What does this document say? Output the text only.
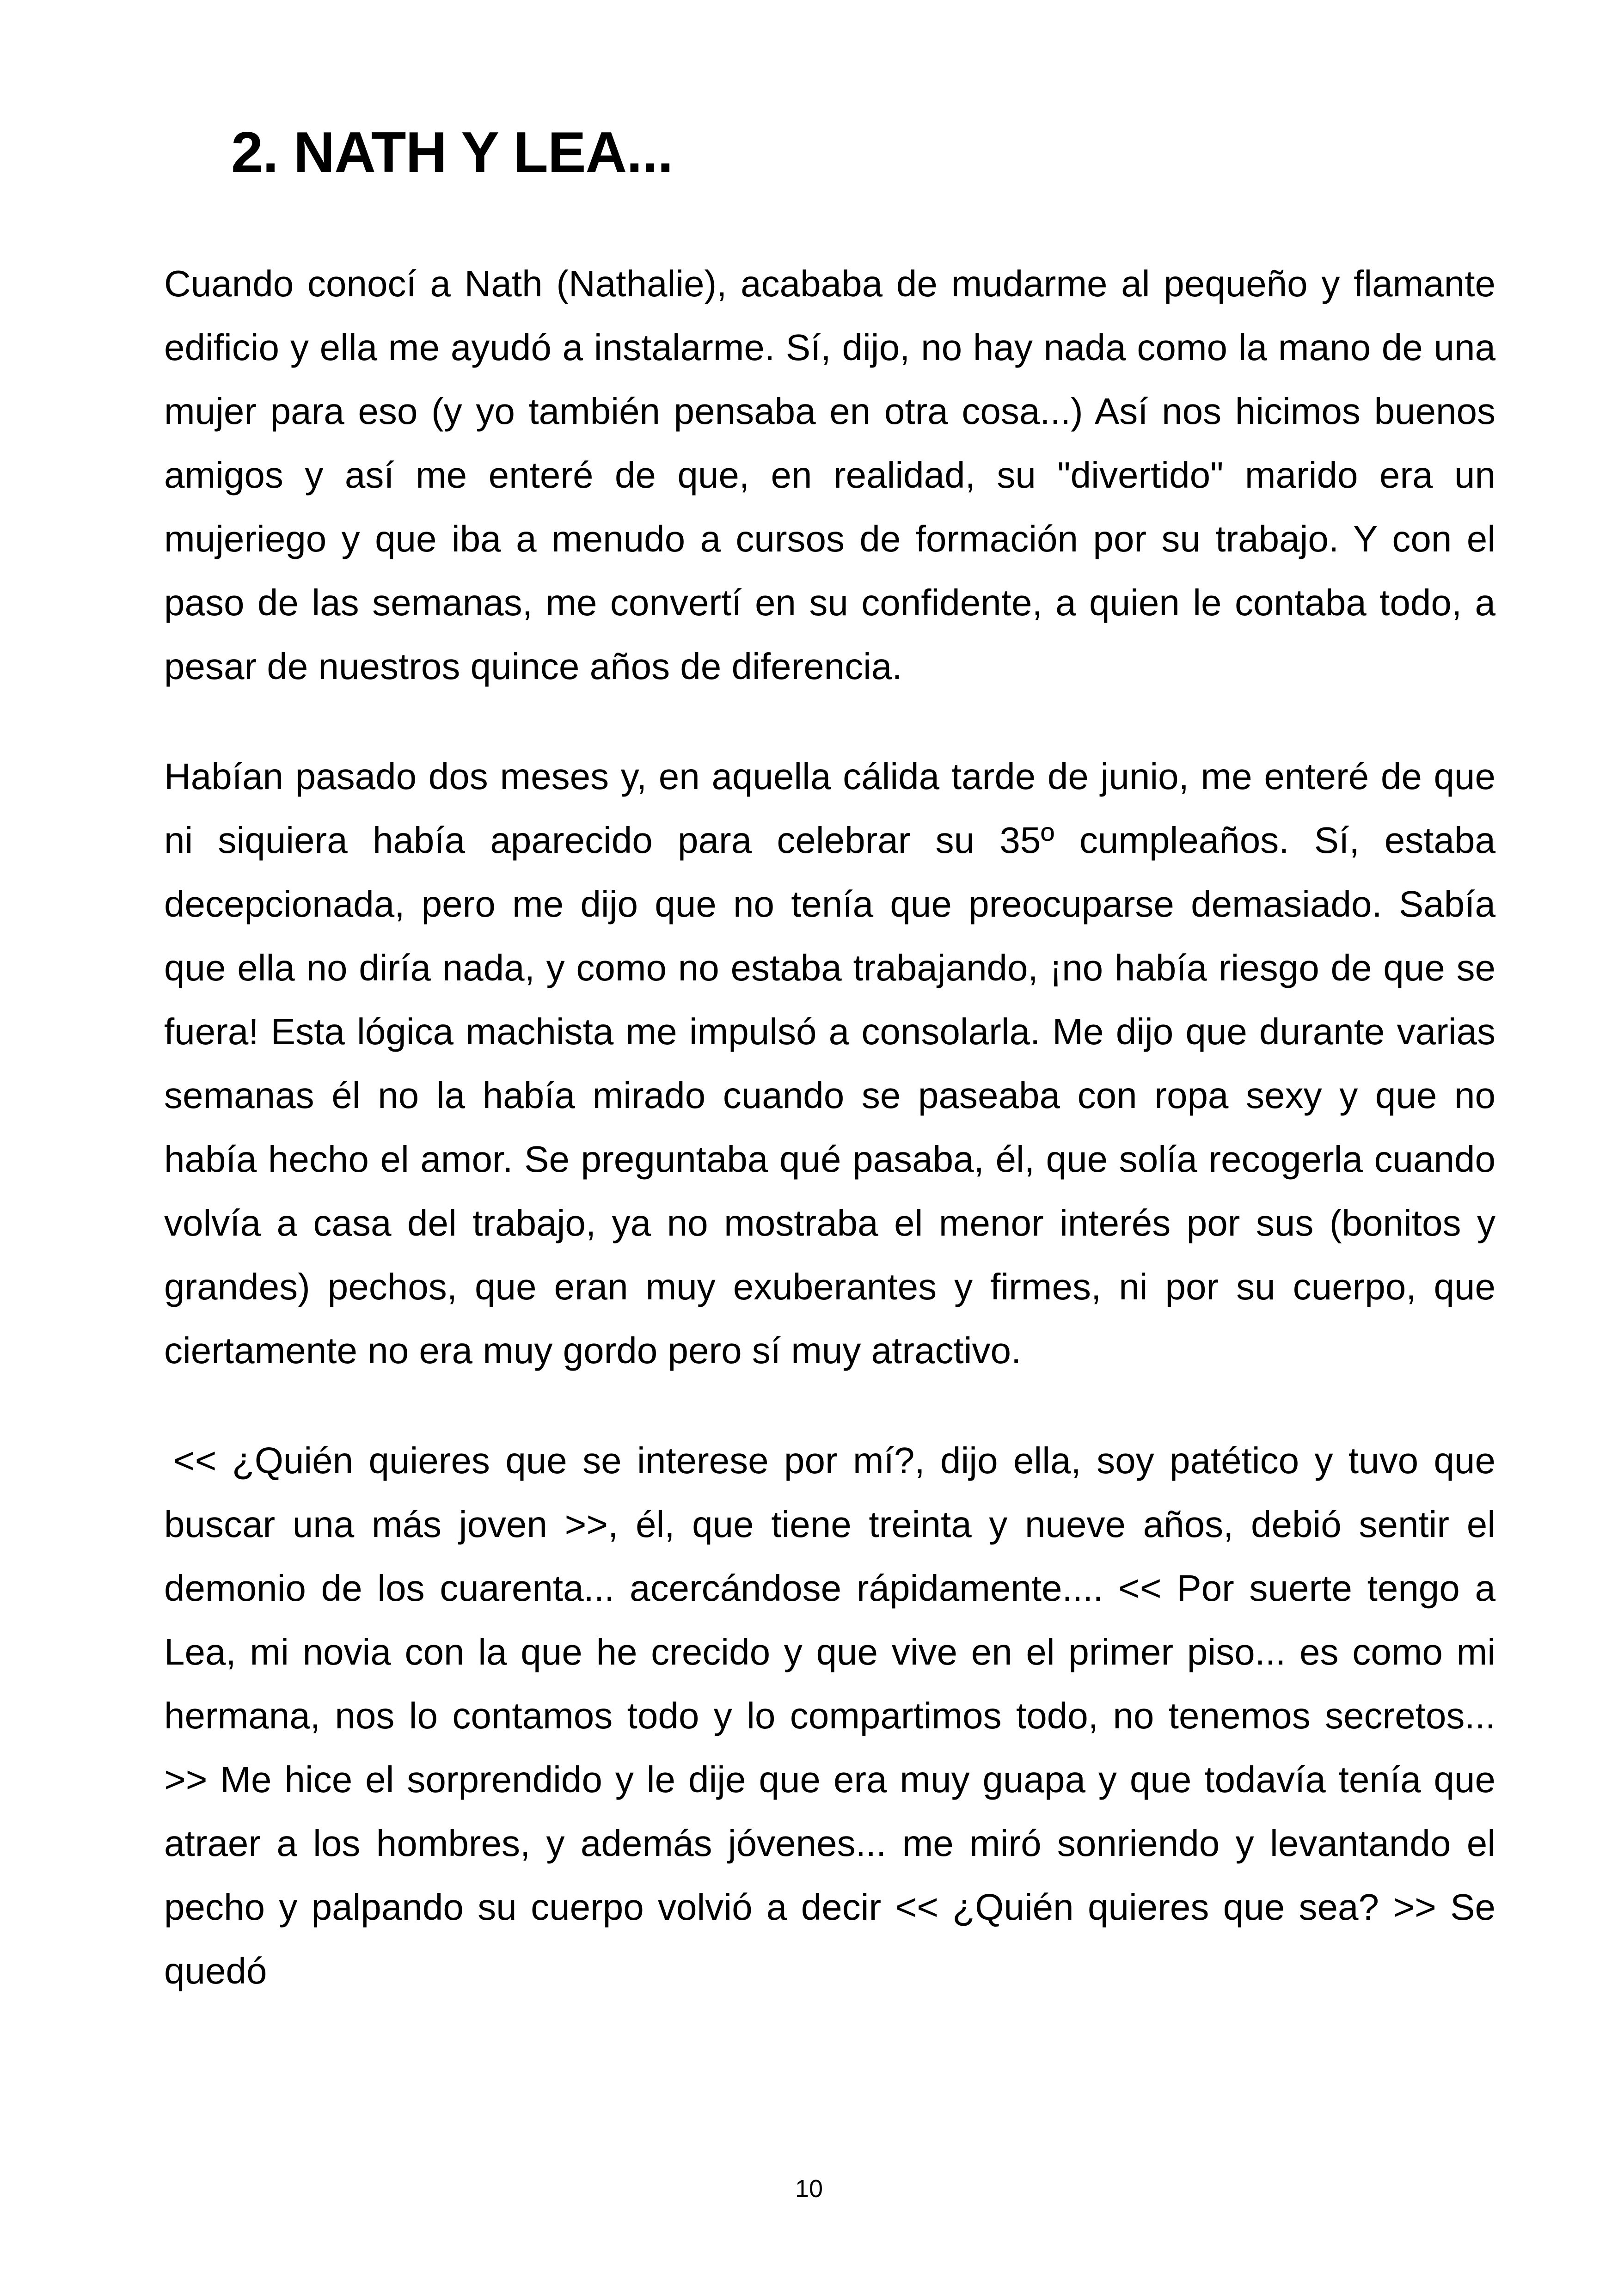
2. NATH Y LEA...

Cuando conocí a Nath (Nathalie), acababa de mudarme al pequeño y flamante edificio y ella me ayudó a instalarme. Sí, dijo, no hay nada como la mano de una mujer para eso (y yo también pensaba en otra cosa...) Así nos hicimos buenos amigos y así me enteré de que, en realidad, su "divertido" marido era un mujeriego y que iba a menudo a cursos de formación por su trabajo. Y con el paso de las semanas, me convertí en su confidente, a quien le contaba todo, a pesar de nuestros quince años de diferencia.

Habían pasado dos meses y, en aquella cálida tarde de junio, me enteré de que ni siquiera había aparecido para celebrar su 35º cumpleaños. Sí, estaba decepcionada, pero me dijo que no tenía que preocuparse demasiado. Sabía que ella no diría nada, y como no estaba trabajando, ¡no había riesgo de que se fuera! Esta lógica machista me impulsó a consolarla. Me dijo que durante varias semanas él no la había mirado cuando se paseaba con ropa sexy y que no había hecho el amor. Se preguntaba qué pasaba, él, que solía recogerla cuando volvía a casa del trabajo, ya no mostraba el menor interés por sus (bonitos y grandes) pechos, que eran muy exuberantes y firmes, ni por su cuerpo, que ciertamente no era muy gordo pero sí muy atractivo.

<< ¿Quién quieres que se interese por mí?, dijo ella, soy patético y tuvo que buscar una más joven >>, él, que tiene treinta y nueve años, debió sentir el demonio de los cuarenta... acercándose rápidamente.... << Por suerte tengo a Lea, mi novia con la que he crecido y que vive en el primer piso... es como mi hermana, nos lo contamos todo y lo compartimos todo, no tenemos secretos... >> Me hice el sorprendido y le dije que era muy guapa y que todavía tenía que atraer a los hombres, y además jóvenes... me miró sonriendo y levantando el pecho y palpando su cuerpo volvió a decir << ¿Quién quieres que sea? >> Se quedó

10
